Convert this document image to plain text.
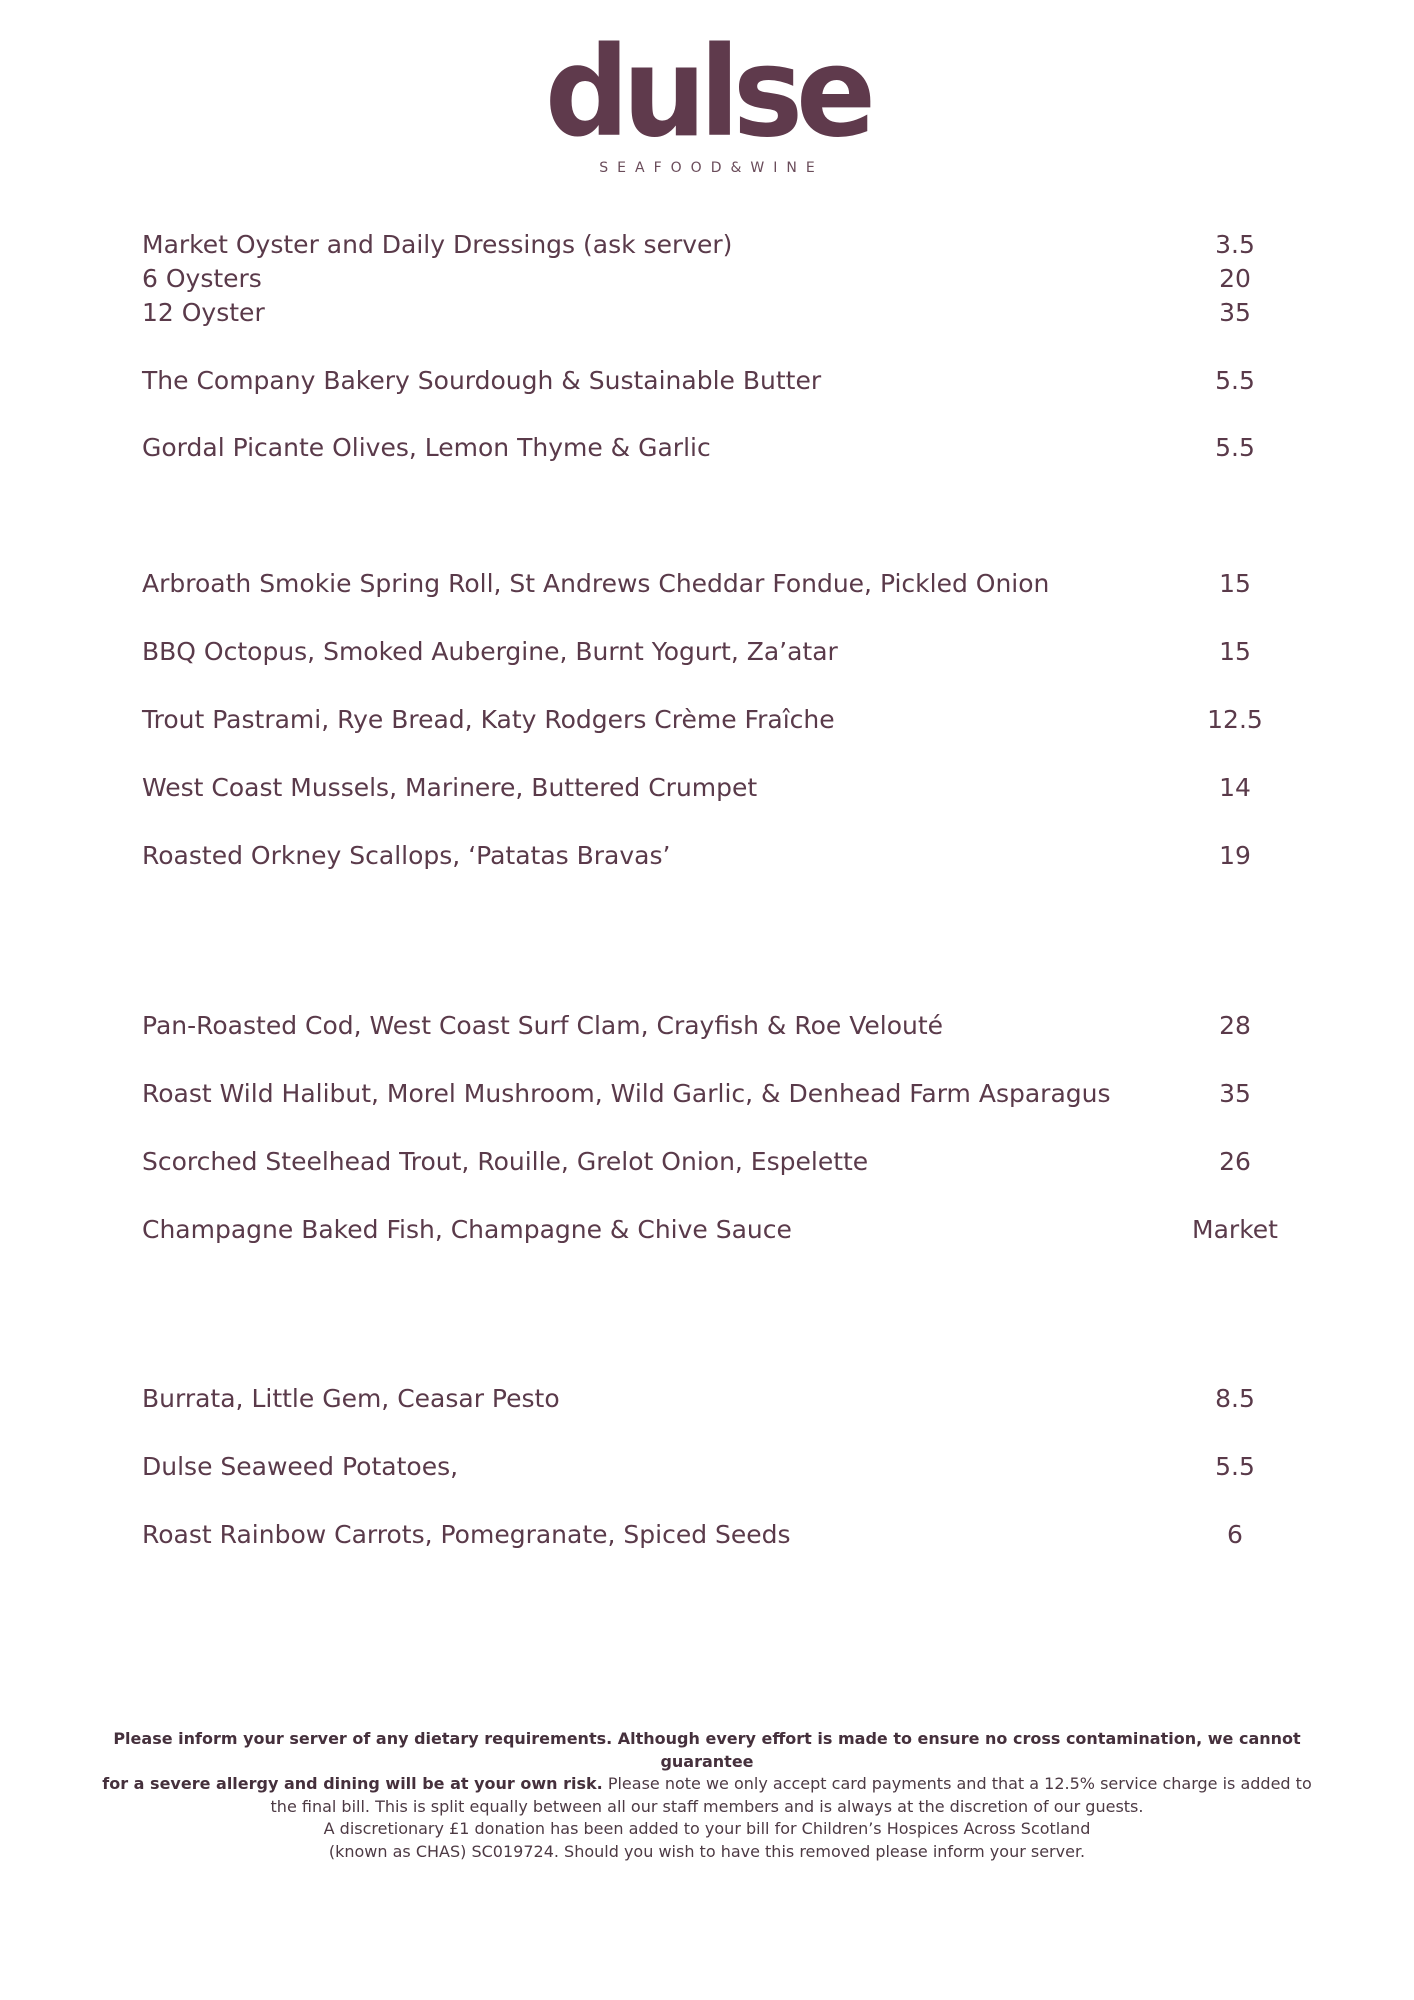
dulse
SEAFOOD&WINE
Market Oyster and Daily Dressings (ask server)	3.5
6 Oysters	20
12 Oyster	35
The Company Bakery Sourdough & Sustainable Butter	5.5
Gordal Picante Olives, Lemon Thyme & Garlic	5.5
Arbroath Smokie Spring Roll, St Andrews Cheddar Fondue, Pickled Onion	15
BBQ Octopus, Smoked Aubergine, Burnt Yogurt, Za’atar	15
Trout Pastrami, Rye Bread, Katy Rodgers Crème Fraîche	12.5
West Coast Mussels, Marinere, Buttered Crumpet	14
Roasted Orkney Scallops, ‘Patatas Bravas’	19
Pan-Roasted Cod, West Coast Surf Clam, Crayfish & Roe Velouté	28
Roast Wild Halibut, Morel Mushroom, Wild Garlic, & Denhead Farm Asparagus	35
Scorched Steelhead Trout, Rouille, Grelot Onion, Espelette	26
Champagne Baked Fish, Champagne & Chive Sauce	Market
Burrata, Little Gem, Ceasar Pesto	8.5
Dulse Seaweed Potatoes,	5.5
Roast Rainbow Carrots, Pomegranate, Spiced Seeds	6
Please inform your server of any dietary requirements. Although every effort is made to ensure no cross contamination, we cannot guarantee
for a severe allergy and dining will be at your own risk. Please note we only accept card payments and that a 12.5% service charge is added to
the final bill. This is split equally between all our staff members and is always at the discretion of our guests.
A discretionary £1 donation has been added to your bill for Children’s Hospices Across Scotland
(known as CHAS) SC019724. Should you wish to have this removed please inform your server.
